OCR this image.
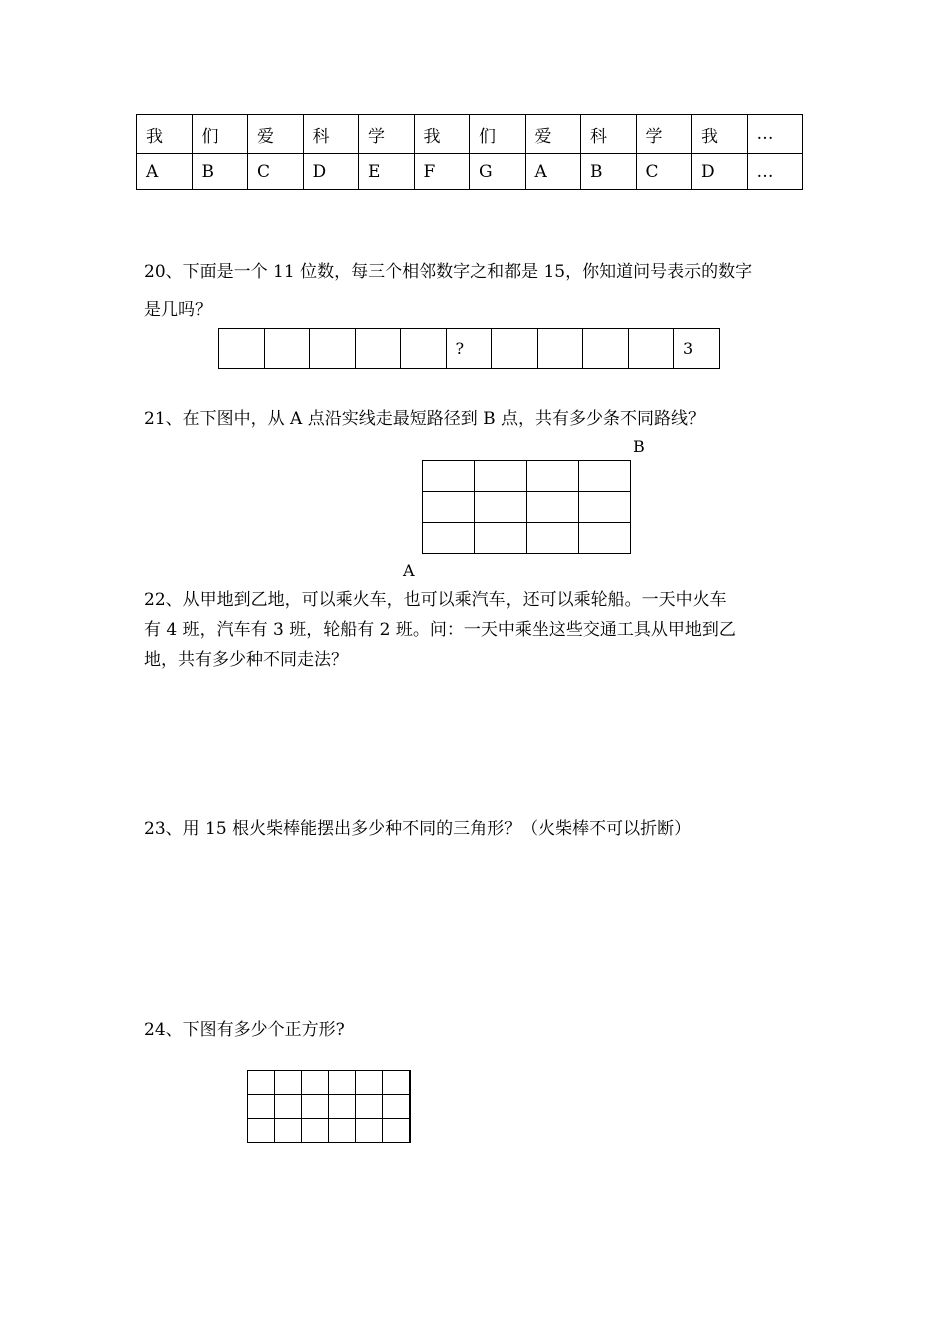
我	们	爱	科	学	我	们	爱	科	学	我	…
A	B	C	D	E	F	G	A	B	C	D	…
20、下面是一个 11 位数，每三个相邻数字之和都是 15，你知道问号表示的数字
是几吗？
					?					3
21、在下图中，从 A 点沿实线走最短路径到 B 点，共有多少条不同路线？
B

A
22、从甲地到乙地，可以乘火车，也可以乘汽车，还可以乘轮船。一天中火车
有 4 班，汽车有 3 班，轮船有 2 班。问：一天中乘坐这些交通工具从甲地到乙
地，共有多少种不同走法？
23、用 15 根火柴棒能摆出多少种不同的三角形？（火柴棒不可以折断）
24、下图有多少个正方形?
